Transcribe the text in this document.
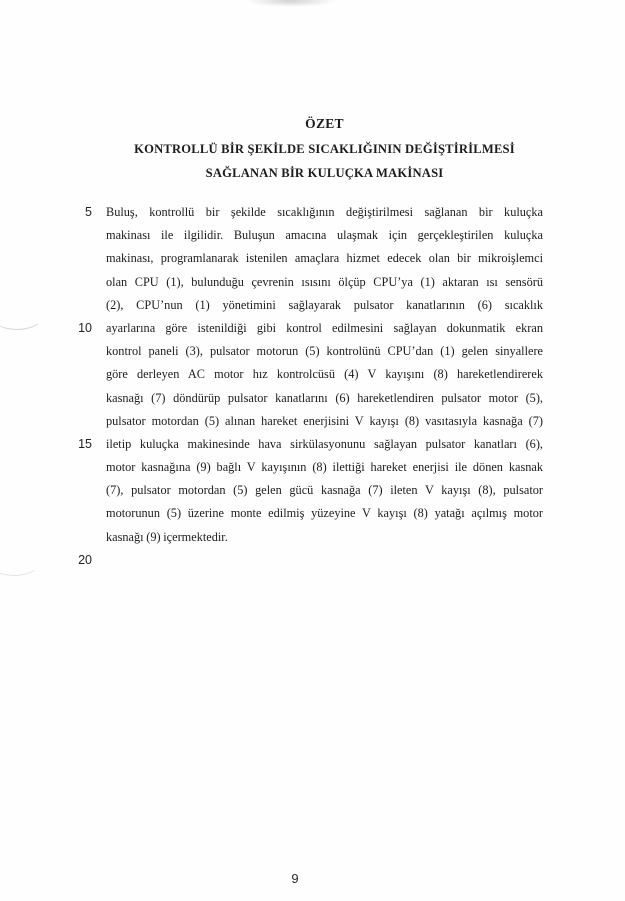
ÖZET
KONTROLLÜ BİR ŞEKİLDE SICAKLIĞININ DEĞİŞTİRİLMESİ
SAĞLANAN BİR KULUÇKA MAKİNASI
5 Buluş, kontrollü bir şekilde sıcaklığının değiştirilmesi sağlanan bir kuluçka
makinası ile ilgilidir. Buluşun amacına ulaşmak için gerçekleştirilen kuluçka
makinası, programlanarak istenilen amaçlara hizmet edecek olan bir mikroişlemci
olan CPU (1), bulunduğu çevrenin ısısını ölçüp CPU’ya (1) aktaran ısı sensörü
(2), CPU’nun (1) yönetimini sağlayarak pulsator kanatlarının (6) sıcaklık
10 ayarlarına göre istenildiği gibi kontrol edilmesini sağlayan dokunmatik ekran
kontrol paneli (3), pulsator motorun (5) kontrolünü CPU’dan (1) gelen sinyallere
göre derleyen AC motor hız kontrolcüsü (4) V kayışını (8) hareketlendirerek
kasnağı (7) döndürüp pulsator kanatlarını (6) hareketlendiren pulsator motor (5),
pulsator motordan (5) alınan hareket enerjisini V kayışı (8) vasıtasıyla kasnağa (7)
15 iletip kuluçka makinesinde hava sirkülasyonunu sağlayan pulsator kanatları (6),
motor kasnağına (9) bağlı V kayışının (8) ilettiği hareket enerjisi ile dönen kasnak
(7), pulsator motordan (5) gelen gücü kasnağa (7) ileten V kayışı (8), pulsator
motorunun (5) üzerine monte edilmiş yüzeyine V kayışı (8) yatağı açılmış motor
kasnağı (9) içermektedir.
20
9
